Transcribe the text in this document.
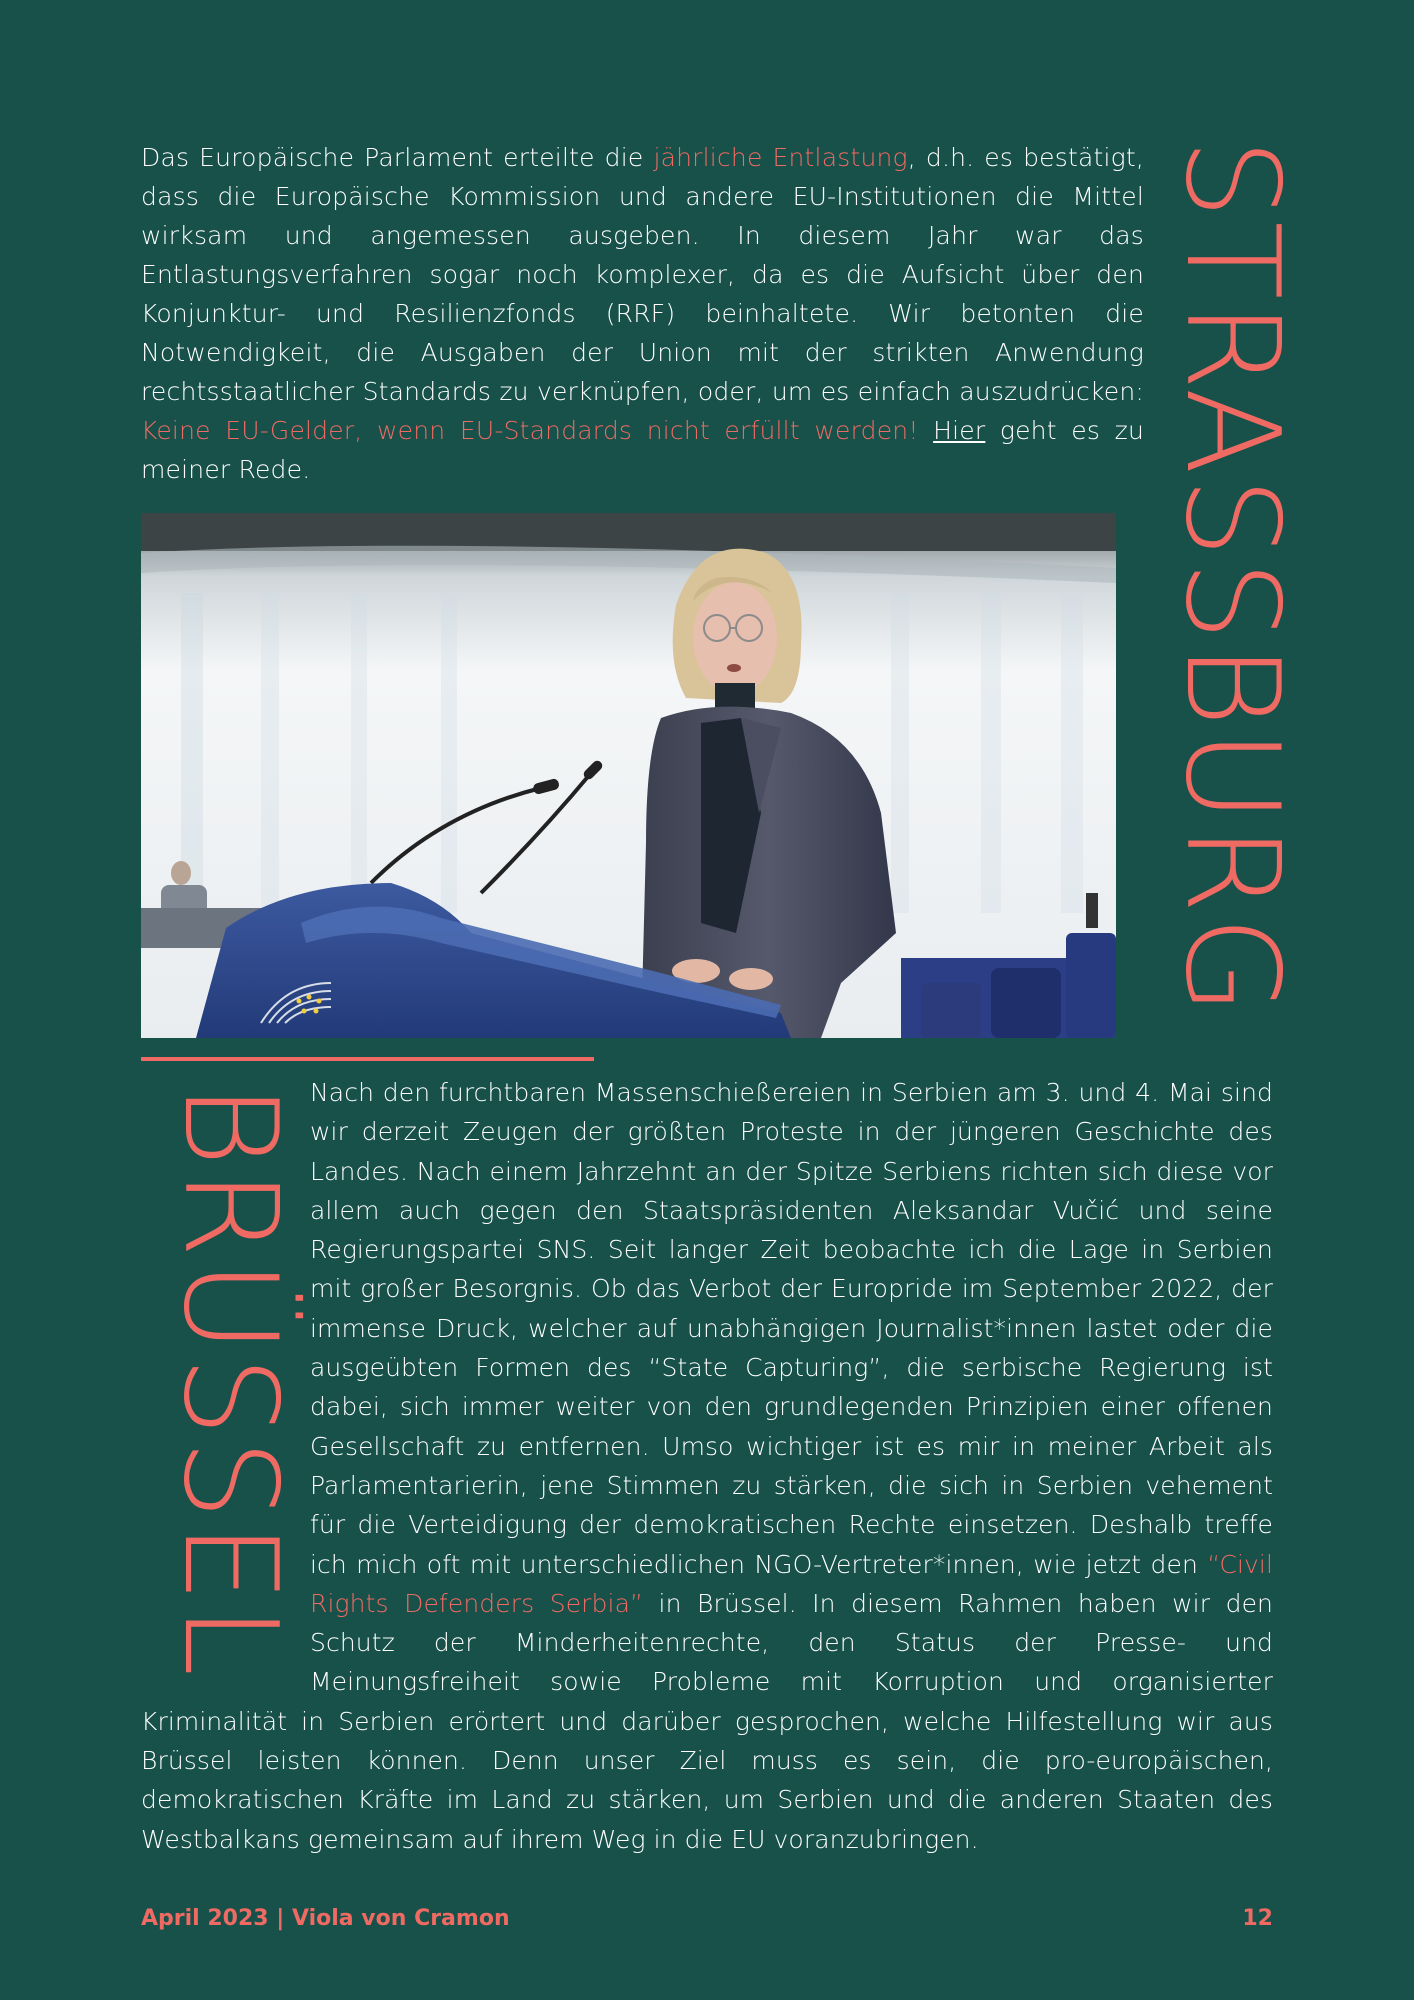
Das Europäische Parlament erteilte die jährliche Entlastung, d.h. es bestätigt, dass die Europäische Kommission und andere EU-Institutionen die Mittel wirksam und angemessen ausgeben. In diesem Jahr war das Entlastungsverfahren sogar noch komplexer, da es die Aufsicht über den Konjunktur- und Resilienzfonds (RRF) beinhaltete. Wir betonten die Notwendigkeit, die Ausgaben der Union mit der strikten Anwendung rechtsstaatlicher Standards zu verknüpfen, oder, um es einfach auszudrücken: Keine EU-Gelder, wenn EU-Standards nicht erfüllt werden! Hier geht es zu meiner Rede.	STRASSBURG
BRÜSSEL Nach den furchtbaren Massenschießereien in Serbien am 3. und 4. Mai sind wir derzeit Zeugen der größten Proteste in der jüngeren Geschichte des Landes. Nach einem Jahrzehnt an der Spitze Serbiens richten sich diese vor allem auch gegen den Staatspräsidenten Aleksandar Vučić und seine Regierungspartei SNS. Seit langer Zeit beobachte ich die Lage in Serbien mit großer Besorgnis. Ob das Verbot der Europride im September 2022, der immense Druck, welcher auf unabhängigen Journalist*innen lastet oder die ausgeübten Formen des “State Capturing”, die serbische Regierung ist dabei, sich immer weiter von den grundlegenden Prinzipien einer offenen Gesellschaft zu entfernen. Umso wichtiger ist es mir in meiner Arbeit als Parlamentarierin, jene Stimmen zu stärken, die sich in Serbien vehement für die Verteidigung der demokratischen Rechte einsetzen. Deshalb treffe ich mich oft mit unterschiedlichen NGO-Vertreter*innen, wie jetzt den “Civil Rights Defenders Serbia” in Brüssel. In diesem Rahmen haben wir den Schutz der Minderheitenrechte, den Status der Presse- und Meinungsfreiheit sowie Probleme mit Korruption und organisierter Kriminalität in Serbien erörtert und darüber gesprochen, welche Hilfestellung wir aus Brüssel leisten können. Denn unser Ziel muss es sein, die pro-europäischen, demokratischen Kräfte im Land zu stärken, um Serbien und die anderen Staaten des Westbalkans gemeinsam auf ihrem Weg in die EU voranzubringen.
April 2023 | Viola von Cramon	12
